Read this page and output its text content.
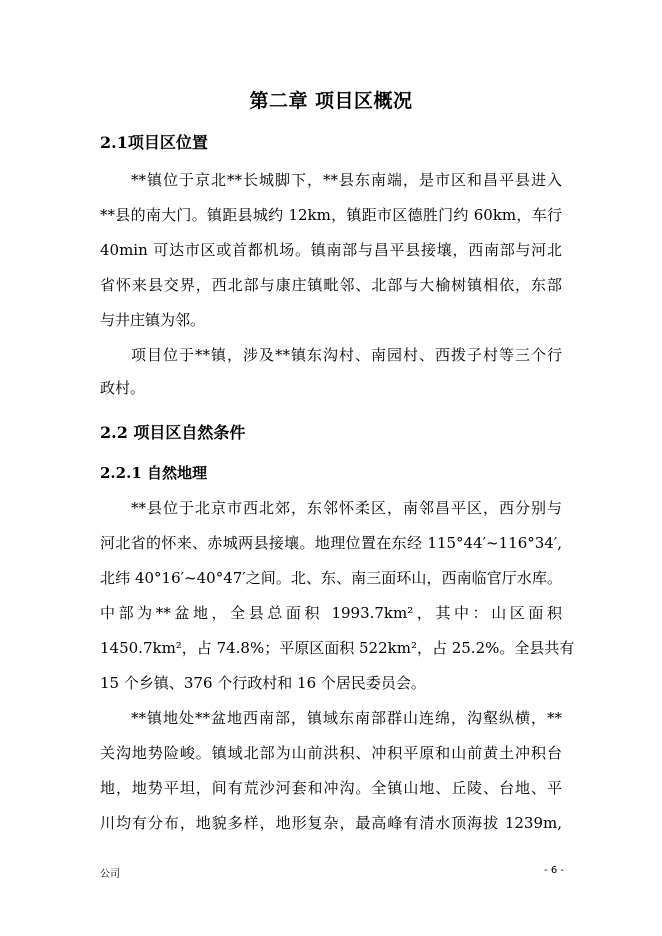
第二章 项目区概况
2.1项目区位置
**镇位于京北**长城脚下，**县东南端，是市区和昌平县进入
**县的南大门。镇距县城约 12km，镇距市区德胜门约 60km，车行
40min 可达市区或首都机场。镇南部与昌平县接壤，西南部与河北
省怀来县交界，西北部与康庄镇毗邻、北部与大榆树镇相依，东部
与井庄镇为邻。
项目位于**镇，涉及**镇东沟村、南园村、西拨子村等三个行
政村。
2.2 项目区自然条件
2.2.1 自然地理
**县位于北京市西北郊，东邻怀柔区，南邻昌平区，西分别与
河北省的怀来、赤城两县接壤。地理位置在东经 115°44′~116°34′,
北纬 40°16′~40°47′之间。北、东、南三面环山，西南临官厅水库。
中部为**盆地，全县总面积 1993.7km²，其中：山区面积
1450.7km²，占 74.8%；平原区面积 522km²，占 25.2%。全县共有
15 个乡镇、376 个行政村和 16 个居民委员会。
**镇地处**盆地西南部，镇域东南部群山连绵，沟壑纵横，**
关沟地势险峻。镇域北部为山前洪积、冲积平原和山前黄土冲积台
地，地势平坦，间有荒沙河套和冲沟。全镇山地、丘陵、台地、平
川均有分布，地貌多样，地形复杂，最高峰有清水顶海拔 1239m,
公司	- 6 -
